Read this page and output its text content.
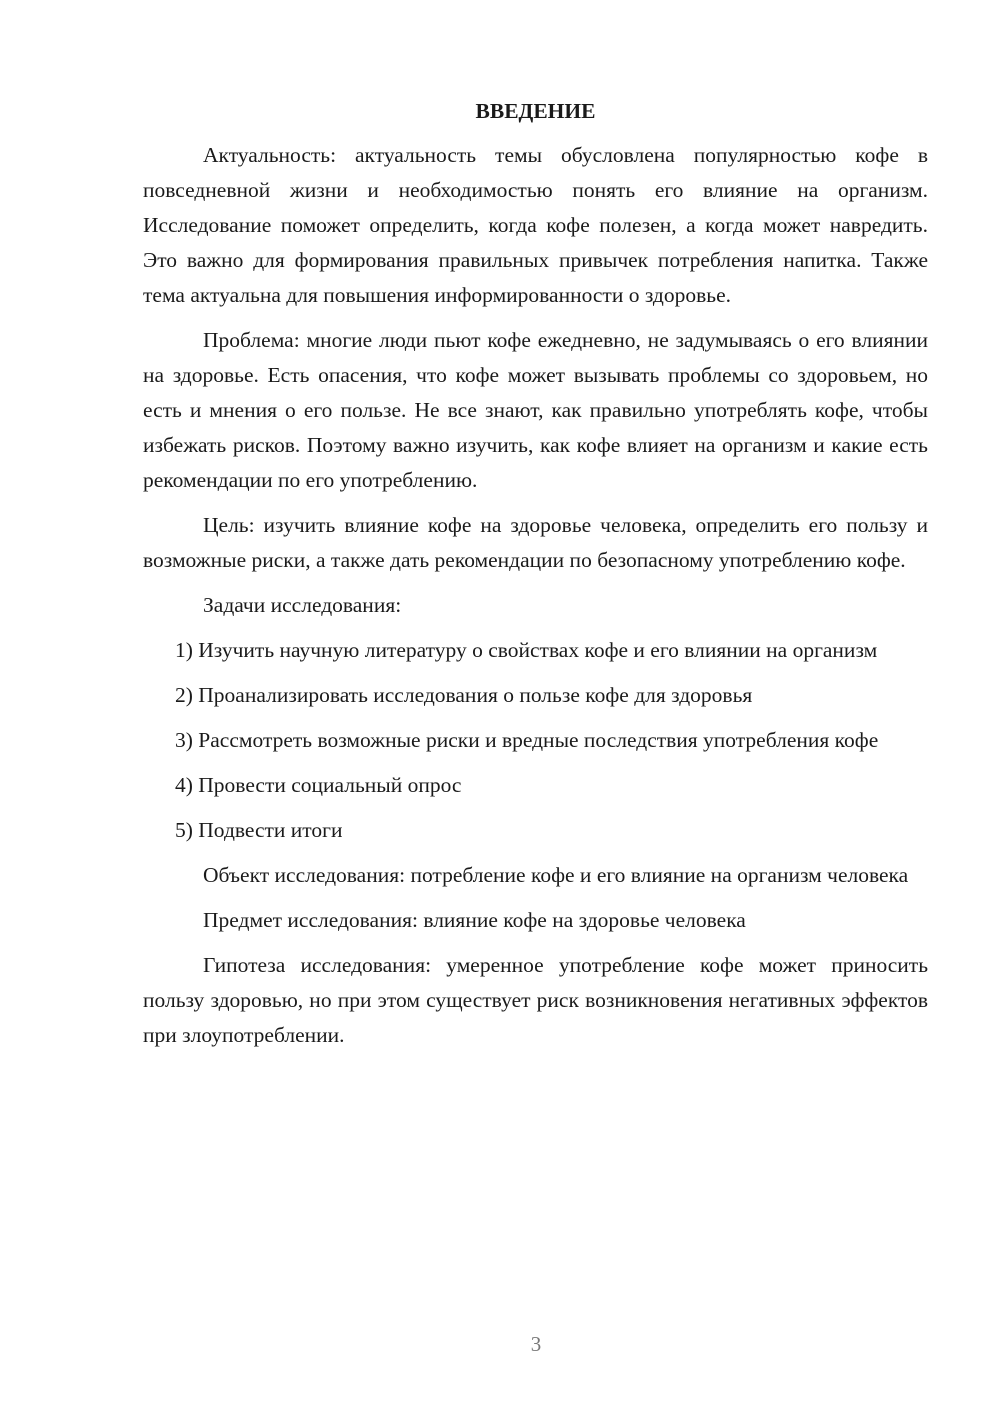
ВВЕДЕНИЕ

Актуальность: актуальность темы обусловлена популярностью кофе в повседневной жизни и необходимостью понять его влияние на организм. Исследование поможет определить, когда кофе полезен, а когда может навредить. Это важно для формирования правильных привычек потребления напитка. Также тема актуальна для повышения информированности о здоровье.

Проблема: многие люди пьют кофе ежедневно, не задумываясь о его влиянии на здоровье. Есть опасения, что кофе может вызывать проблемы со здоровьем, но есть и мнения о его пользе. Не все знают, как правильно употреблять кофе, чтобы избежать рисков. Поэтому важно изучить, как кофе влияет на организм и какие есть рекомендации по его употреблению.

Цель: изучить влияние кофе на здоровье человека, определить его пользу и возможные риски, а также дать рекомендации по безопасному употреблению кофе.

Задачи исследования:

1) Изучить научную литературу о свойствах кофе и его влиянии на организм

2) Проанализировать исследования о пользе кофе для здоровья

3) Рассмотреть возможные риски и вредные последствия употребления кофе

4) Провести социальный опрос

5) Подвести итоги

Объект исследования: потребление кофе и его влияние на организм человека

Предмет исследования: влияние кофе на здоровье человека

Гипотеза исследования: умеренное употребление кофе может приносить пользу здоровью, но при этом существует риск возникновения негативных эффектов при злоупотреблении.

3
